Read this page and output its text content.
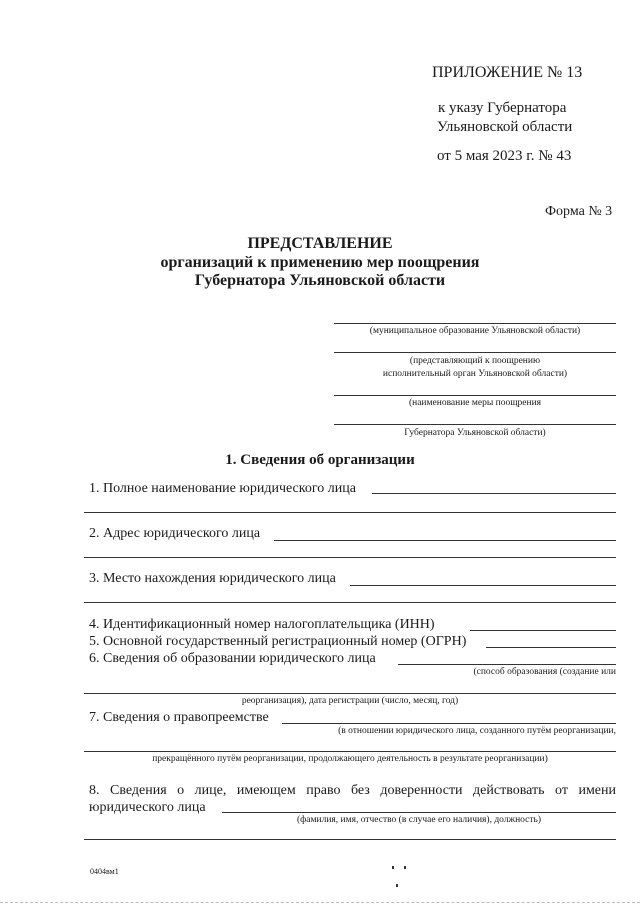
ПРИЛОЖЕНИЕ № 13
к указу Губернатора
Ульяновской области
от 5 мая 2023 г. № 43
Форма № 3
ПРЕДСТАВЛЕНИЕ
организаций к применению мер поощрения
Губернатора Ульяновской области
(муниципальное образование Ульяновской области)
(представляющий к поощрению
исполнительный орган Ульяновской области)
(наименование меры поощрения
Губернатора Ульяновской области)
1. Сведения об организации
1. Полное наименование юридического лица
2. Адрес юридического лица
3. Место нахождения юридического лица
4. Идентификационный номер налогоплательщика (ИНН)
5. Основной государственный регистрационный номер (ОГРН)
6. Сведения об образовании юридического лица
(способ образования (создание или
реорганизация), дата регистрации (число, месяц, год)
7. Сведения о правопреемстве
(в отношении юридического лица, созданного путём реорганизации,
прекращённого путём реорганизации, продолжающего деятельность в результате реорганизации)
8. Сведения о лице, имеющем право без доверенности действовать от имени
юридического лица
(фамилия, имя, отчество (в случае его наличия), должность)
0404вм1
